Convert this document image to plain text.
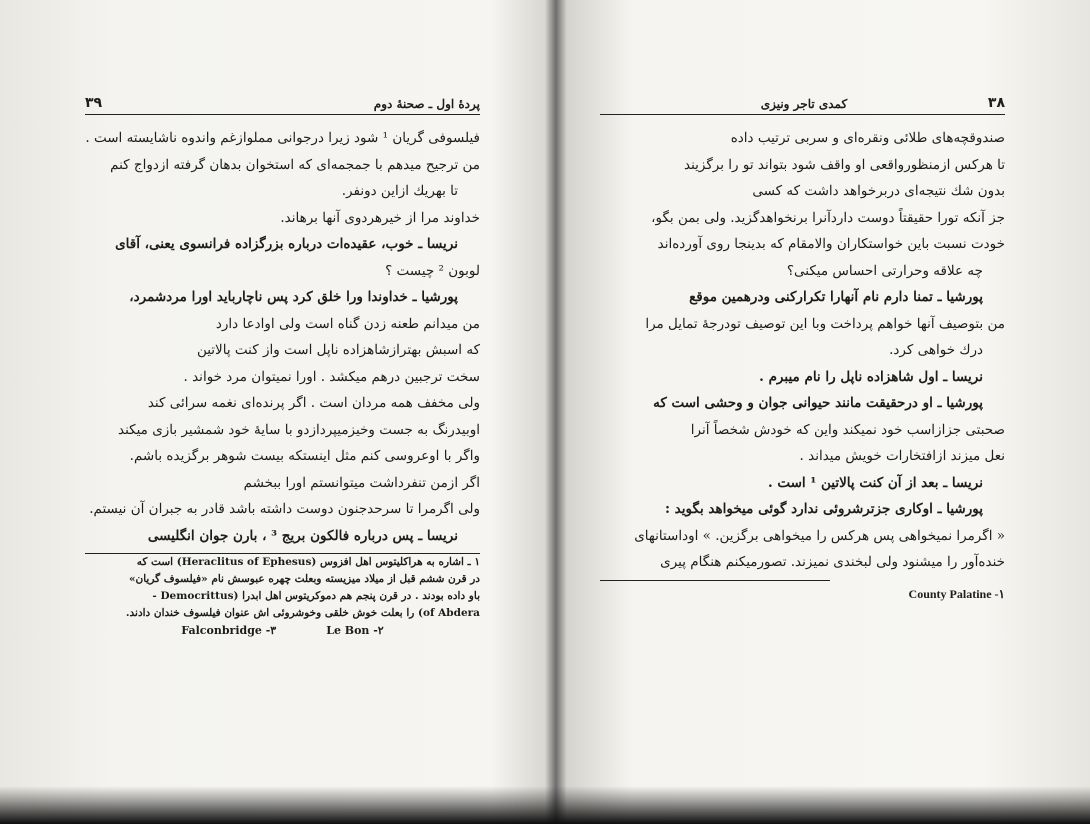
پردهٔ اول ـ صحنهٔ دوم
۳۹
فیلسوفی گریان ¹ شود زیرا درجوانی مملوازغم واندوه ناشایسته است .
من ترجیح میدهم با جمجمه‌ای که استخوان بدهان گرفته ازدواج کنم
تا بهریك ازاین دونفر.
خداوند مرا از خیرهردوی آنها برهاند.
نریسا ـ خوب، عقیده‌ات درباره بزرگزاده فرانسوی یعنی، آقای
لوبون ² چیست ؟
پورشیا ـ خداوندا ورا خلق کرد پس ناچارباید اورا مردشمرد،
من میدانم طعنه زدن گناه است ولی اوادعا دارد
که اسبش بهترازشاهزاده ناپل است واز کنت پالاتین
سخت ترجبین درهم میکشد . اورا نمیتوان مرد خواند .
ولی مخفف همه مردان است . اگر پرنده‌ای نغمه سرائی کند
اوبیدرنگ به جست وخیزمیپردازدو با سایهٔ خود شمشیر بازی میکند
واگر با اوعروسی کنم مثل اینستکه بیست شوهر برگزیده باشم.
اگر ازمن تنفرداشت میتوانستم اورا ببخشم
ولی اگرمرا تا سرحدجنون دوست داشته باشد قادر به جبران آن نیستم.
نریسا ـ پس درباره فالکون بریج ³ ، بارن جوان انگلیسی
١ ـ اشاره به هراکلیتوس اهل افزوس (Heraclitus of Ephesus) است که
در قرن ششم قبل از میلاد میزیسته وبعلت چهره عبوسش نام «فیلسوف گریان»
باو داده بودند . در قرن پنجم هم دموکریتوس اهل ابدرا (Democrittus -
of Abdera) را بعلت خوش خلقی وخوشروئی اش عنوان فیلسوف خندان دادند.
Falconbridge -۳	Le Bon -۲
۳۸
کمدی تاجر ونیزی
صندوقچه‌های طلائی ونقره‌ای و سربی ترتیب داده
تا هرکس ازمنظورواقعی او واقف شود بتواند تو را برگزیند
بدون شك نتیجه‌ای دربرخواهد داشت که کسی
جز آنکه تورا حقیقتاً دوست داردآنرا برنخواهدگزید. ولی بمن بگو،
خودت نسبت باین خواستکاران والامقام که بدینجا روی آورده‌اند
چه علاقه وحرارتی احساس میکنی؟
پورشیا ـ تمنا دارم نام آنهارا تکرارکنی ودرهمین موقع
من بتوصیف آنها خواهم پرداخت وبا این توصیف تودرجهٔ تمایل مرا
درك خواهی کرد.
نریسا ـ اول شاهزاده ناپل را نام میبرم .
پورشیا ـ او درحقیقت مانند حیوانی جوان و وحشی است که
صحبتی جزازاسب خود نمیکند واین که خودش شخصاً آنرا
نعل میزند ازافتخارات خویش میداند .
نریسا ـ بعد از آن کنت پالاتین ¹ است .
پورشیا ـ اوکاری جزترشروئی ندارد گوئی میخواهد بگوید :
« اگرمرا نمیخواهی پس هرکس را میخواهی برگزین. » اوداستانهای
خنده‌آور را میشنود ولی لبخندی نمیزند. تصورمیکنم هنگام پیری
County Palatine -١
